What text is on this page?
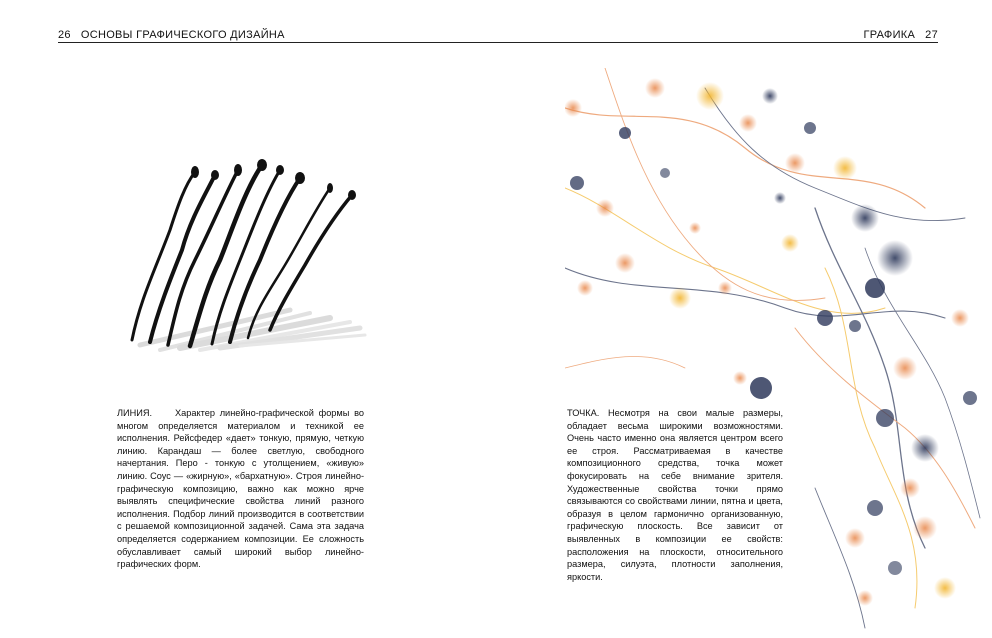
26 ОСНОВЫ ГРАФИЧЕСКОГО ДИЗАЙНА	ГРАФИКА 27
ЛИНИЯ.    Характер линейно-графической формы во многом определяется материалом и техникой ее исполнения. Рейсфедер «дает» тонкую, прямую, четкую линию. Карандаш — более светлую, свободного начертания. Перо - тонкую с утолщением, «живую» линию. Соус — «жирную», «бархатную». Строя линейно-графическую композицию, важно как можно ярче выявлять специфические свойства линий разного исполнения. Подбор линий производится в соответствии с решаемой композиционной задачей. Сама эта задача определяется содержанием композиции. Ее сложность обуславливает самый широкий выбор линейно-графических форм.
ТОЧКА. Несмотря на свои малые размеры, обладает весьма широкими возможностями. Очень часто именно она является центром всего ее строя. Рассматриваемая в качестве композиционного средства, точка может фокусировать на себе внимание зрителя. Художественные свойства точки прямо связываются со свойствами линии, пятна и цвета, образуя в целом гармонично организованную, графическую плоскость. Все зависит от выявленных в композиции ее свойств: расположения на плоскости, относительного размера, силуэта, плотности заполнения, яркости.
